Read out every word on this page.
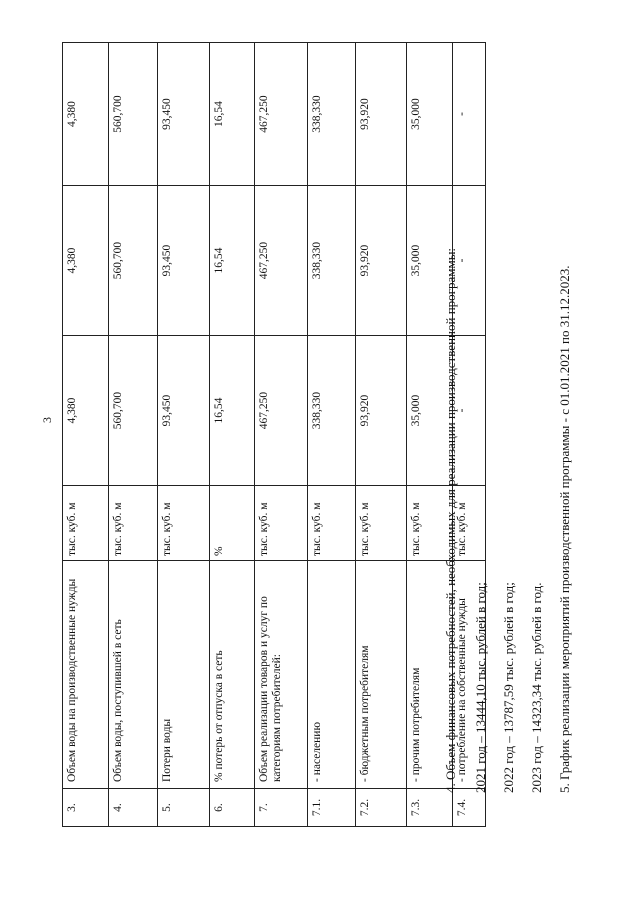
3
3.	Объем воды на производственные нужды	тыс. куб. м	4,380	4,380	4,380
4.	Объем воды, поступившей в сеть	тыс. куб. м	560,700	560,700	560,700
5.	Потери воды	тыс. куб. м	93,450	93,450	93,450
6.	% потерь от отпуска в сеть	%	16,54	16,54	16,54
7.	Объем реализации товаров и услуг по категориям потребителей:	тыс. куб. м	467,250	467,250	467,250
7.1.	- населению	тыс. куб. м	338,330	338,330	338,330
7.2.	- бюджетным потребителям	тыс. куб. м	93,920	93,920	93,920
7.3.	- прочим потребителям	тыс. куб. м	35,000	35,000	35,000
7.4.	- потребление на собственные нужды	тыс. куб. м	-	-	-
4. Объем финансовых потребностей, необходимых для реализации производственной программы: 2021 год – 13444,10 тыс. рублей в год; 2022 год – 13787,59 тыс. рублей в год; 2023 год – 14323,34 тыс. рублей в год. 5. График реализации мероприятий производственной программы - с 01.01.2021 по 31.12.2023.
